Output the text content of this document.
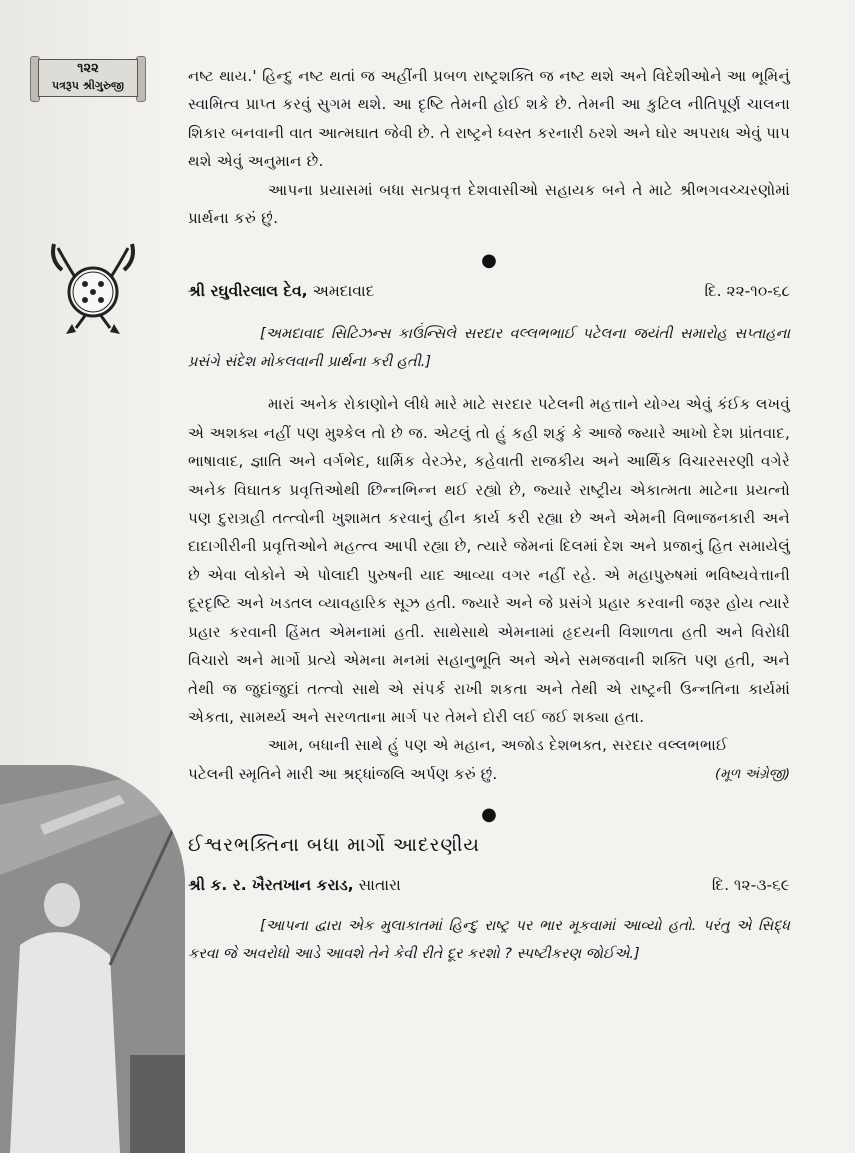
૧૨૨
પત્રરૂપ શ્રીગુરુજી

નષ્ટ થાય.' હિન્દુ નષ્ટ થતાં જ અહીંની પ્રબળ રાષ્ટ્રશક્તિ જ નષ્ટ થશે અને વિદેશીઓને આ ભૂમિનું સ્વામિત્વ પ્રાપ્ત કરવું સુગમ થશે. આ દૃષ્ટિ તેમની હોઈ શકે છે. તેમની આ કુટિલ નીતિપૂર્ણ ચાલના શિકાર બનવાની વાત આત્મઘાત જેવી છે. તે રાષ્ટ્રને ધ્વસ્ત કરનારી ઠરશે અને ઘોર અપરાધ એવું પાપ થશે એવું અનુમાન છે.

આપના પ્રયાસમાં બધા સત્પ્રવૃત્ત દેશવાસીઓ સહાયક બને તે માટે શ્રીભગવચ્ચરણોમાં પ્રાર્થના કરું છું.

●
શ્રી રઘુવીરલાલ દેવ, અમદાવાદ	દિ. ૨૨-૧૦-૬૮

[અમદાવાદ સિટિઝન્સ કાઉંન્સિલે સરદાર વલ્લભભાઈ પટેલના જયંતી સમારોહ સપ્તાહના પ્રસંગે સંદેશ મોકલવાની પ્રાર્થના કરી હતી.]

મારાં અનેક રોકાણોને લીધે મારે માટે સરદાર પટેલની મહત્તાને યોગ્ય એવું કંઈક લખવું એ અશક્ય નહીં પણ મુશ્કેલ તો છે જ. એટલું તો હું કહી શકું કે આજે જ્યારે આખો દેશ પ્રાંતવાદ, ભાષાવાદ, જ્ઞાતિ અને વર્ગભેદ, ધાર્મિક વેરઝેર, કહેવાતી રાજકીય અને આર્થિક વિચારસરણી વગેરે અનેક વિઘાતક પ્રવૃત્તિઓથી છિન્નભિન્ન થઈ રહ્યો છે, જ્યારે રાષ્ટ્રીય એકાત્મતા માટેના પ્રયત્નો પણ દુરાગ્રહી તત્ત્વોની ખુશામત કરવાનું હીન કાર્ય કરી રહ્યા છે અને એમની વિભાજનકારી અને દાદાગીરીની પ્રવૃત્તિઓને મહત્ત્વ આપી રહ્યા છે, ત્યારે જેમનાં દિલમાં દેશ અને પ્રજાનું હિત સમાયેલું છે એવા લોકોને એ પોલાદી પુરુષની યાદ આવ્યા વગર નહીં રહે. એ મહાપુરુષમાં ભવિષ્યવેત્તાની દૂરદૃષ્ટિ અને ખડતલ વ્યાવહારિક સૂઝ હતી. જ્યારે અને જે પ્રસંગે પ્રહાર કરવાની જરૂર હોય ત્યારે પ્રહાર કરવાની હિંમત એમનામાં હતી. સાથેસાથે એમનામાં હૃદયની વિશાળતા હતી અને વિરોધી વિચારો અને માર્ગો પ્રત્યે એમના મનમાં સહાનુભૂતિ અને એને સમજવાની શક્તિ પણ હતી, અને તેથી જ જુદાંજુદાં તત્ત્વો સાથે એ સંપર્ક રાખી શકતા અને તેથી એ રાષ્ટ્રની ઉન્નતિના કાર્યમાં એકતા, સામર્થ્ય અને સરળતાના માર્ગ પર તેમને દોરી લઈ જઈ શક્યા હતા.

આમ, બધાની સાથે હું પણ એ મહાન, અજોડ દેશભક્ત, સરદાર વલ્લભભાઈ

પટેલની સ્મૃતિને મારી આ શ્રદ્ધાંજલિ અર્પણ કરું છું.	(મૂળ અંગ્રેજી)
●
ઈશ્વરભક્તિના બધા માર્ગો આદરણીય
શ્રી ક. ર. ખૈરતખાન કરાડ, સાતારા	દિ. ૧૨-૩-૬૯

[આપના દ્વારા એક મુલાકાતમાં હિન્દુ રાષ્ટ્ર પર ભાર મૂકવામાં આવ્યો હતો. પરંતુ એ સિદ્ધ કરવા જે અવરોધો આડે આવશે તેને કેવી રીતે દૂર કરશો ? સ્પષ્ટીકરણ જોઈએ.]
